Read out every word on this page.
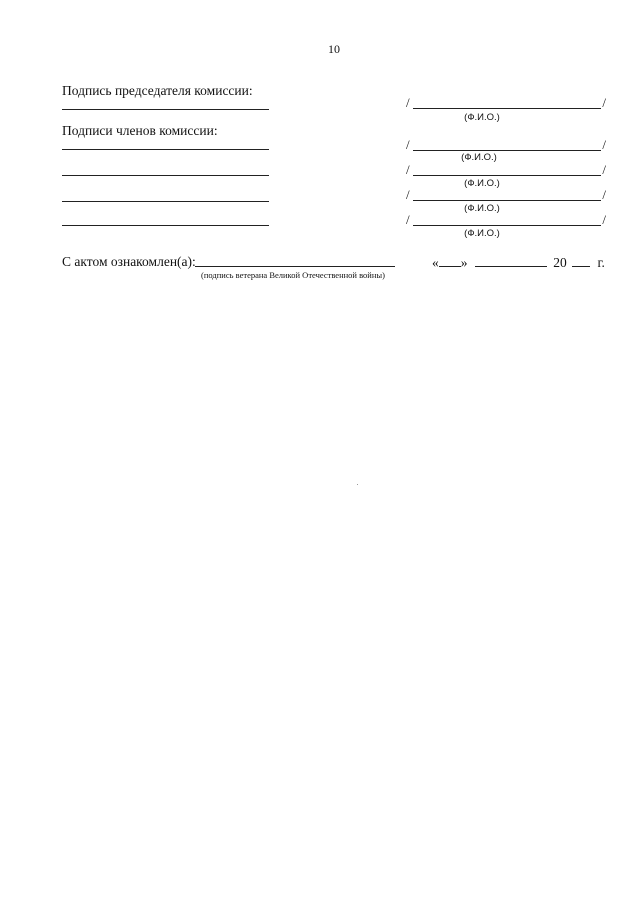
10
Подпись председателя комиссии:
/	/
(Ф.И.О.)
Подписи членов комиссии:
/	/
(Ф.И.О.)
/	/
(Ф.И.О.)
/	/
(Ф.И.О.)
/	/
(Ф.И.О.)
С актом ознакомлен(а):
(подпись ветерана Великой Отечественной войны)
« »	20 г.
